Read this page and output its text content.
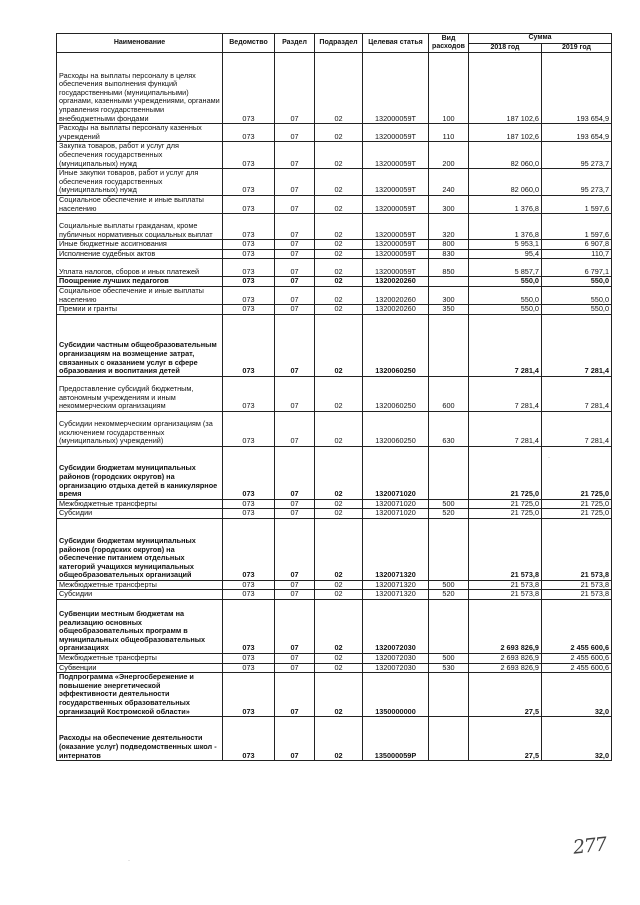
Наименование	Ведомство	Раздел	Подраздел	Целевая статья	Вид расходов	Сумма	
						2018 год	2019 год
Расходы на выплаты персоналу в целях обеспечения выполнения функций государственными (муниципальными) органами, казенными учреждениями, органами управления государственными внебюджетными фондами	073	07	02	132000059Т	100	187 102,6	193 654,9
Расходы на выплаты персоналу казенных учреждений	073	07	02	132000059Т	110	187 102,6	193 654,9
Закупка товаров, работ и услуг для обеспечения государственных (муниципальных) нужд	073	07	02	132000059Т	200	82 060,0	95 273,7
Иные закупки товаров, работ и услуг для обеспечения государственных (муниципальных) нужд	073	07	02	132000059Т	240	82 060,0	95 273,7
Социальное обеспечение и иные выплаты населению	073	07	02	132000059Т	300	1 376,8	1 597,6
Социальные выплаты гражданам, кроме публичных нормативных социальных выплат	073	07	02	132000059Т	320	1 376,8	1 597,6
Иные бюджетные ассигнования	073	07	02	132000059Т	800	5 953,1	6 907,8
Исполнение судебных актов	073	07	02	132000059Т	830	95,4	110,7
Уплата налогов, сборов и иных платежей	073	07	02	132000059Т	850	5 857,7	6 797,1
Поощрение лучших педагогов	073	07	02	1320020260		550,0	550,0
Социальное обеспечение и иные выплаты населению	073	07	02	1320020260	300	550,0	550,0
Премии и гранты	073	07	02	1320020260	350	550,0	550,0
Субсидии частным общеобразовательным организациям на возмещение затрат, связанных с оказанием услуг в сфере образования и воспитания детей	073	07	02	1320060250		7 281,4	7 281,4
Предоставление субсидий бюджетным, автономным учреждениям и иным некоммерческим организациям	073	07	02	1320060250	600	7 281,4	7 281,4
Субсидии некоммерческим организациям (за исключением государственных (муниципальных) учреждений)	073	07	02	1320060250	630	7 281,4	7 281,4
Субсидии бюджетам муниципальных районов (городских округов) на организацию отдыха детей в каникулярное время	073	07	02	1320071020		21 725,0	21 725,0
Межбюджетные трансферты	073	07	02	1320071020	500	21 725,0	21 725,0
Субсидии	073	07	02	1320071020	520	21 725,0	21 725,0
Субсидии бюджетам муниципальных районов (городских округов) на обеспечение питанием отдельных категорий учащихся муниципальных общеобразовательных организаций	073	07	02	1320071320		21 573,8	21 573,8
Межбюджетные трансферты	073	07	02	1320071320	500	21 573,8	21 573,8
Субсидии	073	07	02	1320071320	520	21 573,8	21 573,8
Субвенции местным бюджетам на реализацию основных общеобразовательных программ в муниципальных общеобразовательных организациях	073	07	02	1320072030		2 693 826,9	2 455 600,6
Межбюджетные трансферты	073	07	02	1320072030	500	2 693 826,9	2 455 600,6
Субвенции	073	07	02	1320072030	530	2 693 826,9	2 455 600,6
Подпрограмма «Энергосбережение и повышение энергетической эффективности деятельности государственных образовательных организаций Костромской области»	073	07	02	1350000000		27,5	32,0
Расходы на обеспечение деятельности (оказание услуг) подведомственных школ - интернатов	073	07	02	135000059Р		27,5	32,0
277
·
·
